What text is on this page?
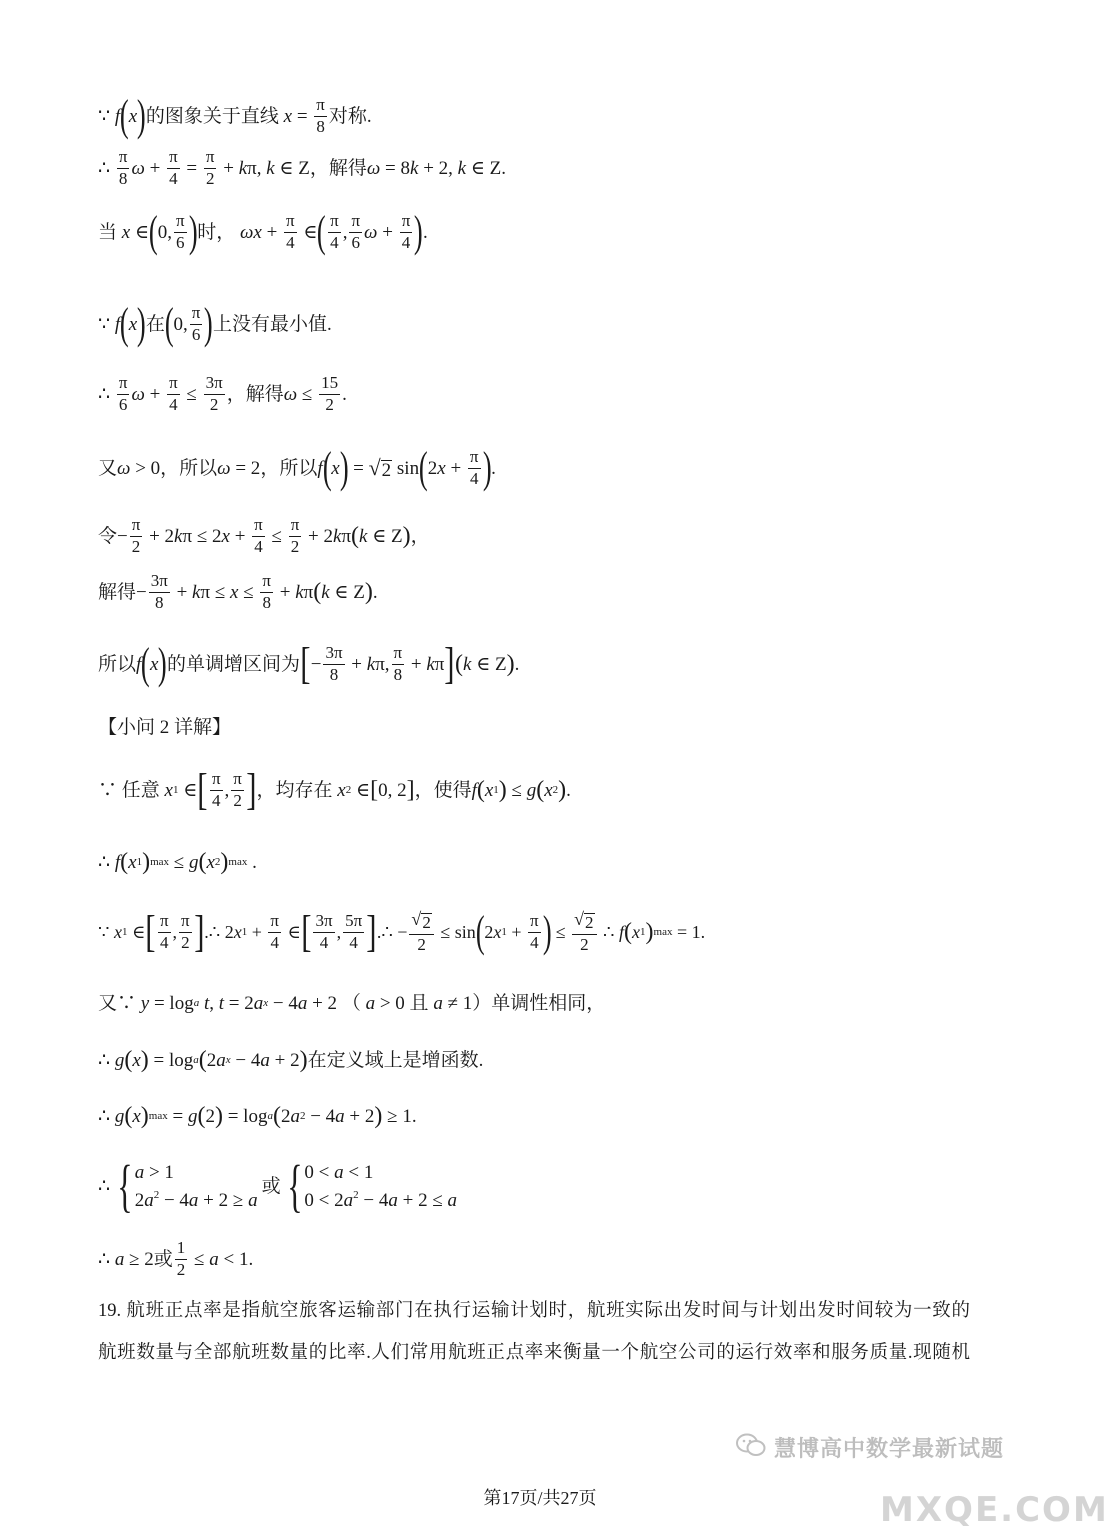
∵
f ( x ) 的图象关于直线
$x = \frac{\pi}{8}$ 对称.
∴ $\frac{\pi}{8}$ $\omega + \frac{\pi}{4} = \frac{\pi}{2} + k$ π, k ∈ Z ，解得 ω = 8 k + 2, k ∈ Z.
当
x ∈ ( 0, $\frac{\pi}{6}$ ) 时，
$\omega x + \frac{\pi}{4}$ ∈ ( $\frac{\pi}{4}$ , $\frac{\pi}{6}$ $\omega + \frac{\pi}{4}$ ) .
∵
f ( x ) 在 ( 0, $\frac{\pi}{6}$ ) 上没有最小值.
∴ $\frac{\pi}{6}$ $\omega + \frac{\pi}{4} \le \frac{3\pi}{2}$ ，解得 $\omega \le \frac{15}{2}$ .
又 ω > 0 ，所以 ω = 2 ，所以 f ( x ) = √ 2 sin ( 2 $x + \frac{\pi}{4}$ ) .
令 − $\frac{\pi}{2} + 2$ k π ≤ 2 $x + \frac{\pi}{4} \le \frac{\pi}{2} + 2$ k π ( k ∈ Z ) ，
解得 − $\frac{3\pi}{8} + k$ $\pi \le x \le \frac{\pi}{8} + k$ π ( k ∈ Z ) .
所以 f ( x ) 的单调增区间为 [ − $\frac{3\pi}{8} + k$ π, $\frac{\pi}{8} + k$ π ] ( k ∈ Z ) .
【小问 2 详解】
∵ 任意
x 1 ∈ [ $\frac{\pi}{4}$ , $\frac{\pi}{2}$ ] ，均存在
x 2 ∈ [ 0, 2 ] ，使得 f ( x 1 ) ≤ g ( x 2 ) .
∴ f ( x 1 ) max ≤ g ( x 2 ) max .
∵ x 1 ∈ [ $\frac{\pi}{4}$ , $\frac{\pi}{2}$ ] .∴ 2 x $1 + \frac{\pi}{4}$ ∈ [ $\frac{3\pi}{4}$ , $\frac{5\pi}{4}$ ] .∴ − $\frac{√ 2}{2} \le \sin$ ( 2 x $1 + \frac{\pi}{4}$ ) ≤ $\frac{√ 2}{2}$ ∴ f ( x 1 ) max = 1.
又∵
y = log a
t , t = 2 a x − 4 a + 2 （
a > 0 且
a ≠ 1 ）单调性相同，
∴ g ( x ) = log a ( 2 a x − 4 a + 2 ) 在定义域上是增函数.
∴ g ( x ) max = g ( 2 ) = log a ( 2 a 2 − 4 a + 2 ) ≥ 1.
∴ { a > 1
$2a^2 - 4a + 2 \ge a$
或 { 0 < a < 1
$0 < 2a^2 - 4a + 2 \le a$
∴ a ≥ 2 或 $\frac{1}{2} \le a < 1$.
19. 航班正点率是指航空旅客运输部门在执行运输计划时，航班实际出发时间与计划出发时间较为一致的
航班数量与全部航班数量的比率.人们常用航班正点率来衡量一个航空公司的运行效率和服务质量.现随机
第17页/共27页
慧博高中数学最新试题
MXQE.COM
